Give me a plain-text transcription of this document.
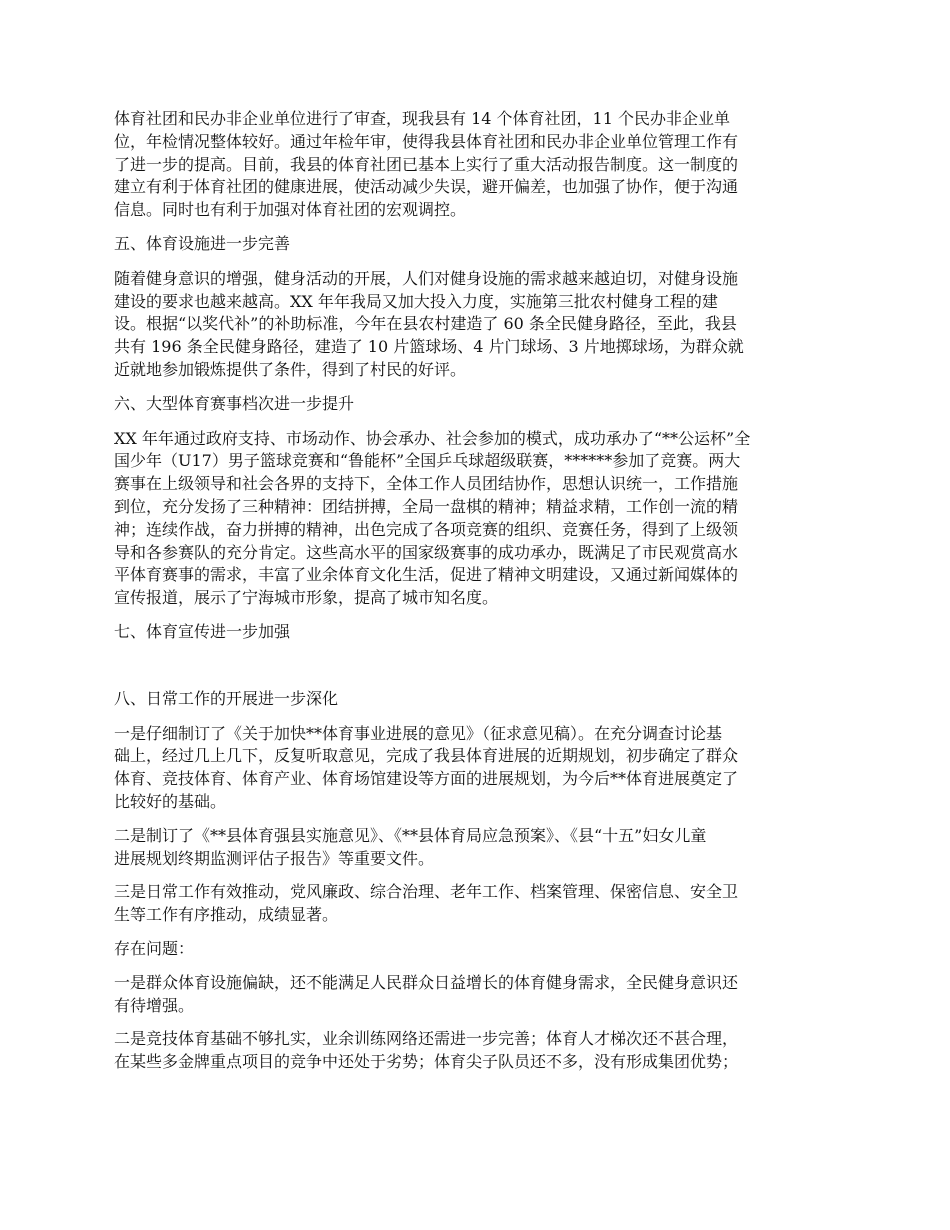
体育社团和民办非企业单位进行了审查，现我县有 14 个体育社团，11 个民办非企业单
位，年检情况整体较好。通过年检年审，使得我县体育社团和民办非企业单位管理工作有
了进一步的提高。目前，我县的体育社团已基本上实行了重大活动报告制度。这一制度的
建立有利于体育社团的健康进展，使活动减少失误，避开偏差，也加强了协作，便于沟通
信息。同时也有利于加强对体育社团的宏观调控。

五、体育设施进一步完善

随着健身意识的增强，健身活动的开展，人们对健身设施的需求越来越迫切，对健身设施
建设的要求也越来越高。XX 年年我局又加大投入力度，实施第三批农村健身工程的建
设。根据“以奖代补”的补助标准，今年在县农村建造了 60 条全民健身路径，至此，我县
共有 196 条全民健身路径，建造了 10 片篮球场、4 片门球场、3 片地掷球场，为群众就
近就地参加锻炼提供了条件，得到了村民的好评。

六、大型体育赛事档次进一步提升

XX 年年通过政府支持、市场动作、协会承办、社会参加的模式，成功承办了“**公运杯”全
国少年（U17）男子篮球竞赛和“鲁能杯”全国乒乓球超级联赛，******参加了竞赛。两大
赛事在上级领导和社会各界的支持下，全体工作人员团结协作，思想认识统一，工作措施
到位，充分发扬了三种精神：团结拼搏，全局一盘棋的精神；精益求精，工作创一流的精
神；连续作战，奋力拼搏的精神，出色完成了各项竞赛的组织、竞赛任务，得到了上级领
导和各参赛队的充分肯定。这些高水平的国家级赛事的成功承办，既满足了市民观赏高水
平体育赛事的需求，丰富了业余体育文化生活，促进了精神文明建设，又通过新闻媒体的
宣传报道，展示了宁海城市形象，提高了城市知名度。

七、体育宣传进一步加强

八、日常工作的开展进一步深化

一是仔细制订了《关于加快**体育事业进展的意见》（征求意见稿）。在充分调查讨论基
础上，经过几上几下，反复听取意见，完成了我县体育进展的近期规划，初步确定了群众
体育、竞技体育、体育产业、体育场馆建设等方面的进展规划，为今后**体育进展奠定了
比较好的基础。

二是制订了《**县体育强县实施意见》、《**县体育局应急预案》、《县“十五”妇女儿童
进展规划终期监测评估子报告》等重要文件。

三是日常工作有效推动，党风廉政、综合治理、老年工作、档案管理、保密信息、安全卫
生等工作有序推动，成绩显著。

存在问题：

一是群众体育设施偏缺，还不能满足人民群众日益增长的体育健身需求，全民健身意识还
有待增强。

二是竞技体育基础不够扎实，业余训练网络还需进一步完善；体育人才梯次还不甚合理，
在某些多金牌重点项目的竞争中还处于劣势；体育尖子队员还不多，没有形成集团优势；
